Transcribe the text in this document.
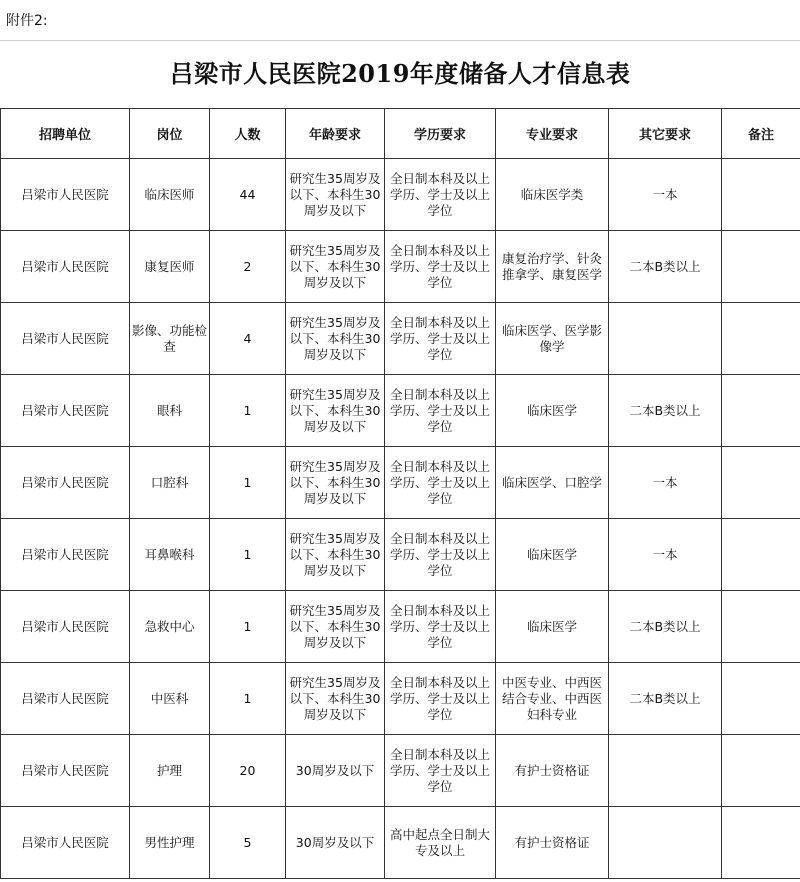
附件2:
吕梁市人民医院2019年度储备人才信息表
招聘单位	岗位	人数	年龄要求	学历要求	专业要求	其它要求	备注
吕梁市人民医院	临床医师	44	研究生35周岁及以下、本科生30周岁及以下	全日制本科及以上学历、学士及以上学位	临床医学类	一本	
吕梁市人民医院	康复医师	2	研究生35周岁及以下、本科生30周岁及以下	全日制本科及以上学历、学士及以上学位	康复治疗学、针灸推拿学、康复医学	二本B类以上	
吕梁市人民医院	影像、功能检查	4	研究生35周岁及以下、本科生30周岁及以下	全日制本科及以上学历、学士及以上学位	临床医学、医学影像学		
吕梁市人民医院	眼科	1	研究生35周岁及以下、本科生30周岁及以下	全日制本科及以上学历、学士及以上学位	临床医学	二本B类以上	
吕梁市人民医院	口腔科	1	研究生35周岁及以下、本科生30周岁及以下	全日制本科及以上学历、学士及以上学位	临床医学、口腔学	一本	
吕梁市人民医院	耳鼻喉科	1	研究生35周岁及以下、本科生30周岁及以下	全日制本科及以上学历、学士及以上学位	临床医学	一本	
吕梁市人民医院	急救中心	1	研究生35周岁及以下、本科生30周岁及以下	全日制本科及以上学历、学士及以上学位	临床医学	二本B类以上	
吕梁市人民医院	中医科	1	研究生35周岁及以下、本科生30周岁及以下	全日制本科及以上学历、学士及以上学位	中医专业、中西医结合专业、中西医妇科专业	二本B类以上	
吕梁市人民医院	护理	20	30周岁及以下	全日制本科及以上学历、学士及以上学位	有护士资格证		
吕梁市人民医院	男性护理	5	30周岁及以下	高中起点全日制大专及以上	有护士资格证		
